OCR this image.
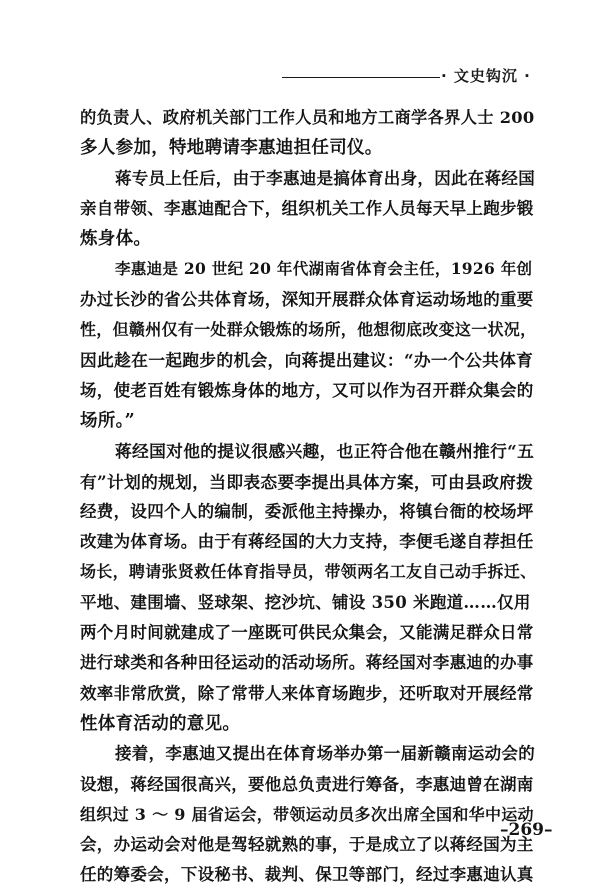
· 文史钩沉 ·
的负责人、政府机关部门工作人员和地方工商学各界人士 200
多人参加，特地聘请李惠迪担任司仪。
蒋专员上任后，由于李惠迪是搞体育出身，因此在蒋经国
亲自带领、李惠迪配合下，组织机关工作人员每天早上跑步锻
炼身体。
李惠迪是 20 世纪 20 年代湖南省体育会主任，1926 年创
办过长沙的省公共体育场，深知开展群众体育运动场地的重要
性，但赣州仅有一处群众锻炼的场所，他想彻底改变这一状况，
因此趁在一起跑步的机会，向蒋提出建议：“办一个公共体育
场，使老百姓有锻炼身体的地方，又可以作为召开群众集会的
场所。”
蒋经国对他的提议很感兴趣，也正符合他在赣州推行“五
有”计划的规划，当即表态要李提出具体方案，可由县政府拨
经费，设四个人的编制，委派他主持操办，将镇台衙的校场坪
改建为体育场。由于有蒋经国的大力支持，李便毛遂自荐担任
场长，聘请张贤救任体育指导员，带领两名工友自己动手拆迁、
平地、建围墙、竖球架、挖沙坑、铺设 350 米跑道……仅用
两个月时间就建成了一座既可供民众集会，又能满足群众日常
进行球类和各种田径运动的活动场所。蒋经国对李惠迪的办事
效率非常欣赏，除了常带人来体育场跑步，还听取对开展经常
性体育活动的意见。
接着，李惠迪又提出在体育场举办第一届新赣南运动会的
设想，蒋经国很高兴，要他总负责进行筹备，李惠迪曾在湖南
组织过 3 ～ 9 届省运会，带领运动员多次出席全国和华中运动
会，办运动会对他是驾轻就熟的事，于是成立了以蒋经国为主
任的筹委会，下设秘书、裁判、保卫等部门，经过李惠迪认真
–269–
